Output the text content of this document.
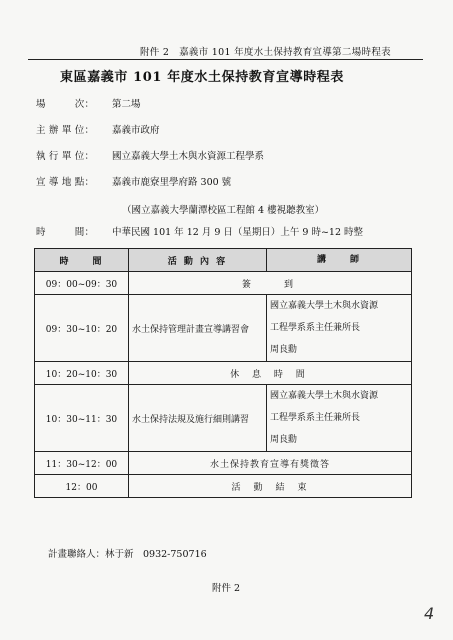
附件 2　嘉義市 101 年度水土保持教育宣導第二場時程表
東區嘉義市 101 年度水土保持教育宣導時程表
場　　　次：	第二場
主 辦 單 位：	嘉義市政府
執 行 單 位：	國立嘉義大學土木與水資源工程學系
宣 導 地 點：	嘉義市鹿寮里學府路 300 號
（國立嘉義大學蘭潭校區工程館 4 樓視聽教室）
時　　　間：	中華民國 101 年 12 月 9 日（星期日）上午 9 時~12 時整
時　　間	活 動 內 容	講　　師
09：00~09：30	簽　　到	
09：30~10：20	水土保持管理計畫宣導講習會	國立嘉義大學土木與水資源
工程學系系主任兼所長
周良勳

10：20~10：30	休 息 時 間	
10：30~11：30	水土保持法規及施行細則講習	國立嘉義大學土木與水資源
工程學系系主任兼所長
周良勳

11：30~12：00	水土保持教育宣導有獎徵答	
12：00	活　動　結　束	
計畫聯絡人：林于新　0932-750716
附件 2
4
